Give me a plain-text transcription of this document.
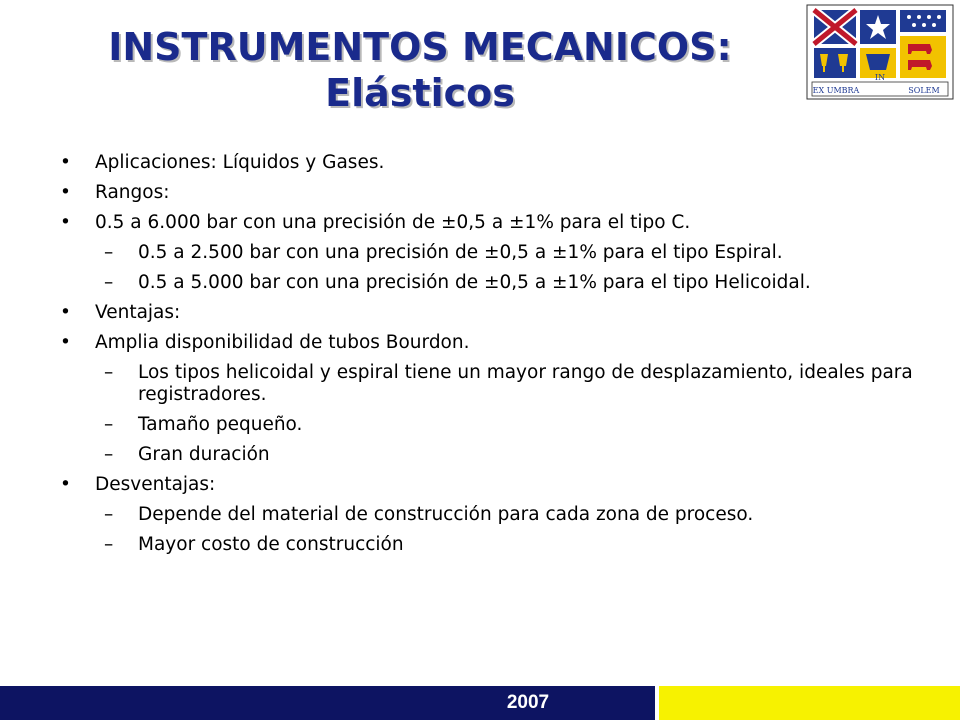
INSTRUMENTOS MECANICOS:
Elásticos	EX UMBRA
IN
SOLEM
• Aplicaciones: Líquidos y Gases.
• Rangos:
• 0.5 a 6.000 bar con una precisión de ±0,5 a ±1% para el tipo C.
– 0.5 a 2.500 bar con una precisión de ±0,5 a ±1% para el tipo Espiral.
– 0.5 a 5.000 bar con una precisión de ±0,5 a ±1% para el tipo Helicoidal.
• Ventajas:
• Amplia disponibilidad de tubos Bourdon.
– Los tipos helicoidal y espiral tiene un mayor rango de desplazamiento, ideales para registradores.
– Tamaño pequeño.
– Gran duración
• Desventajas:
– Depende del material de construcción para cada zona de proceso.
– Mayor costo de construcción
2007
